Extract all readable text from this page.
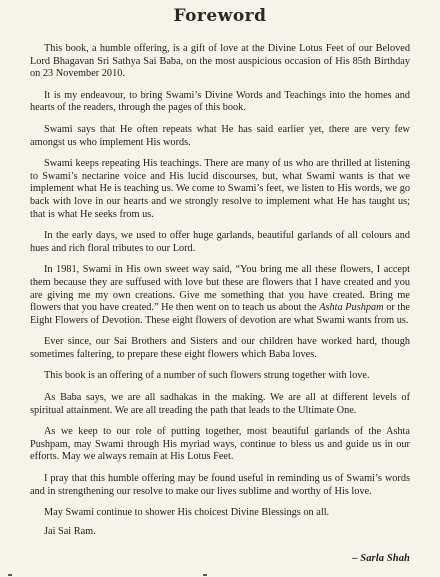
Foreword

This book, a humble offering, is a gift of love at the Divine Lotus Feet of our Beloved Lord Bhagavan Sri Sathya Sai Baba, on the most auspicious occasion of His 85th Birthday on 23 November 2010.

It is my endeavour, to bring Swami’s Divine Words and Teachings into the homes and hearts of the readers, through the pages of this book.

Swami says that He often repeats what He has said earlier yet, there are very few amongst us who implement His words.

Swami keeps repeating His teachings. There are many of us who are thrilled at listening to Swami’s nectarine voice and His lucid discourses, but, what Swami wants is that we implement what He is teaching us. We come to Swami’s feet, we listen to His words, we go back with love in our hearts and we strongly resolve to implement what He has taught us; that is what He seeks from us.

In the early days, we used to offer huge garlands, beautiful garlands of all colours and hues and rich floral tributes to our Lord.

In 1981, Swami in His own sweet way said, “You bring me all these flowers, I accept them because they are suffused with love but these are flowers that I have created and you are giving me my own creations. Give me something that you have created. Bring me flowers that you have created.” He then went on to teach us about the Ashta Pushpam or the Eight Flowers of Devotion. These eight flowers of devotion are what Swami wants from us.

Ever since, our Sai Brothers and Sisters and our children have worked hard, though sometimes faltering, to prepare these eight flowers which Baba loves.

This book is an offering of a number of such flowers strung together with love.

As Baba says, we are all sadhakas in the making. We are all at different levels of spiritual attainment. We are all treading the path that leads to the Ultimate One.

As we keep to our role of putting together, most beautiful garlands of the Ashta Pushpam, may Swami through His myriad ways, continue to bless us and guide us in our efforts. May we always remain at His Lotus Feet.

I pray that this humble offering may be found useful in reminding us of Swami’s words and in strengthening our resolve to make our lives sublime and worthy of His love.

May Swami continue to shower His choicest Divine Blessings on all.

Jai Sai Ram.

– Sarla Shah
